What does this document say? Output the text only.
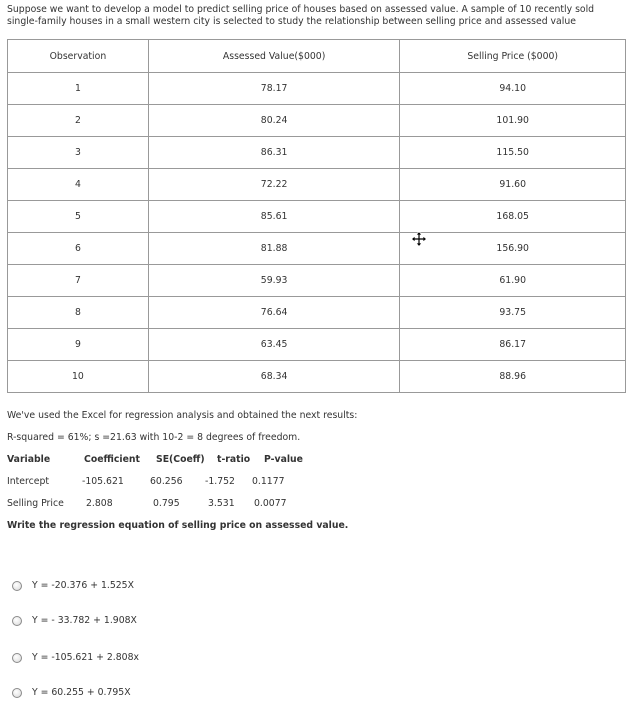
Suppose we want to develop a model to predict selling price of houses based on assessed value. A sample of 10 recently sold
single-family houses in a small western city is selected to study the relationship between selling price and assessed value
Observation	Assessed Value($000)	Selling Price ($000)
1	78.17	94.10
2	80.24	101.90
3	86.31	115.50
4	72.22	91.60
5	85.61	168.05
6	81.88	156.90
7	59.93	61.90
8	76.64	93.75
9	63.45	86.17
10	68.34	88.96
We've used the Excel for regression analysis and obtained the next results:
R-squared = 61%; s =21.63 with 10-2 = 8 degrees of freedom.
Variable	Coefficient SE(Coeff) t-ratio P-value
Intercept	-105.621	60.256 -1.752 0.1177
Selling Price 2.808	0.795	3.531 0.0077
Write the regression equation of selling price on assessed value.
Y = -20.376 + 1.525X
Y = - 33.782 + 1.908X
Y = -105.621 + 2.808x
Y = 60.255 + 0.795X
